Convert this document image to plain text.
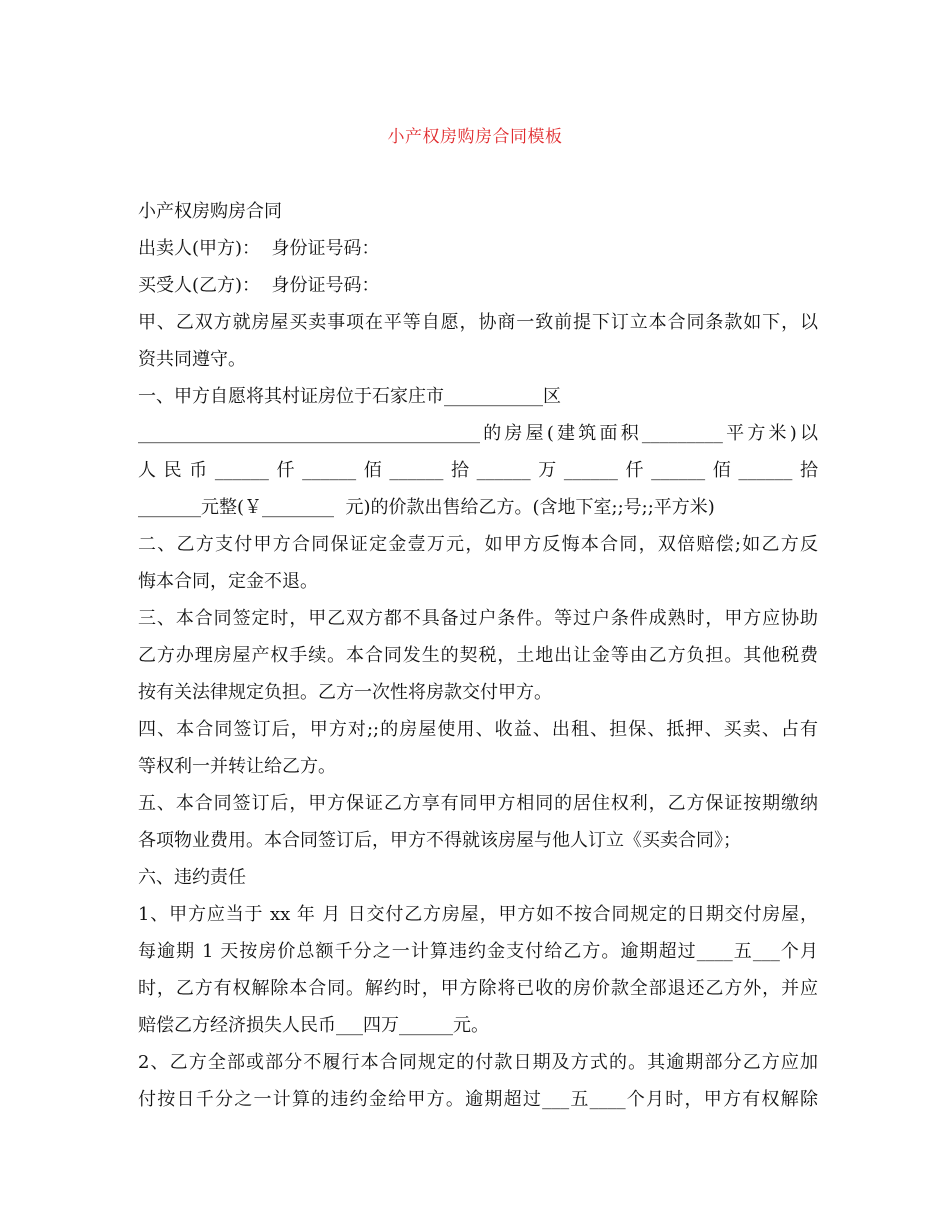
小产权房购房合同模板
小产权房购房合同
出卖人(甲方)：  身份证号码：
买受人(乙方)：  身份证号码：
甲、乙双方就房屋买卖事项在平等自愿，协商一致前提下订立本合同条款如下，以
资共同遵守。
一、甲方自愿将其村证房位于石家庄市___________区
______________________________________的房屋(建筑面积_________平方米)以
人民币______仟______佰______拾______万______仟______佰______拾
_______元整(￥________  元)的价款出售给乙方。(含地下室;;号;;平方米)
二、乙方支付甲方合同保证定金壹万元，如甲方反悔本合同，双倍赔偿;如乙方反
悔本合同，定金不退。
三、本合同签定时，甲乙双方都不具备过户条件。等过户条件成熟时，甲方应协助
乙方办理房屋产权手续。本合同发生的契税，土地出让金等由乙方负担。其他税费
按有关法律规定负担。乙方一次性将房款交付甲方。
四、本合同签订后，甲方对;;的房屋使用、收益、出租、担保、抵押、买卖、占有
等权利一并转让给乙方。
五、本合同签订后，甲方保证乙方享有同甲方相同的居住权利，乙方保证按期缴纳
各项物业费用。本合同签订后，甲方不得就该房屋与他人订立《买卖合同》；
六、违约责任
1、甲方应当于 xx 年 月 日交付乙方房屋，甲方如不按合同规定的日期交付房屋，
每逾期 1 天按房价总额千分之一计算违约金支付给乙方。逾期超过____五___个月
时，乙方有权解除本合同。解约时，甲方除将已收的房价款全部退还乙方外，并应
赔偿乙方经济损失人民币___四万______元。
2、乙方全部或部分不履行本合同规定的付款日期及方式的。其逾期部分乙方应加
付按日千分之一计算的违约金给甲方。逾期超过___五____个月时，甲方有权解除
